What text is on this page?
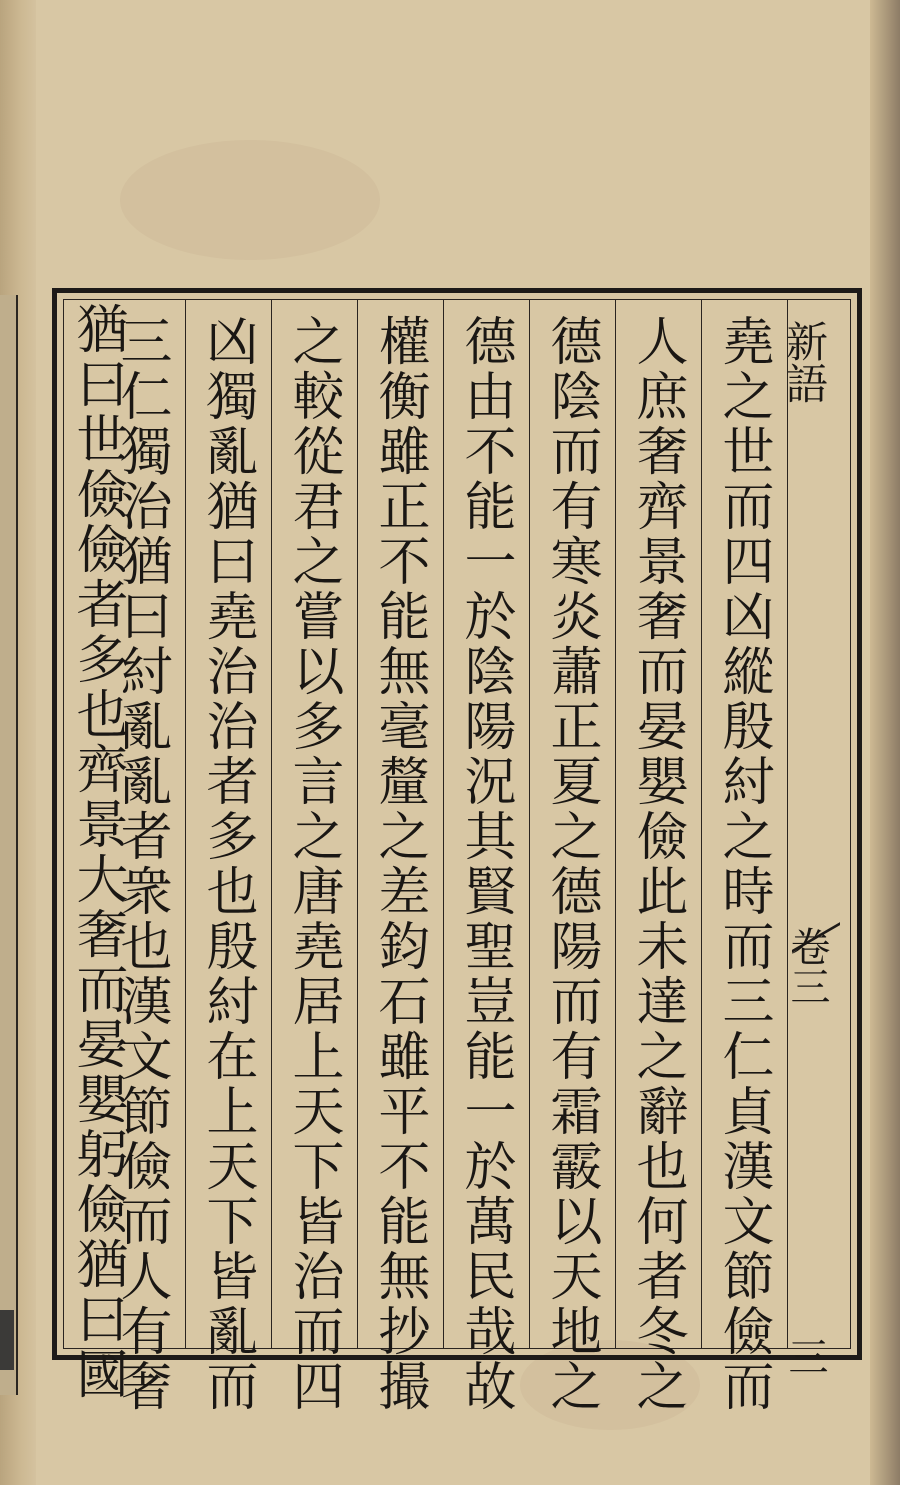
新語
卷三
三
堯之世而四凶縱殷紂之時而三仁貞漢文節儉而
人庶奢齊景奢而晏嬰儉此未達之辭也何者冬之
德陰而有寒炎蕭正夏之德陽而有霜霰以天地之
德由不能一於陰陽況其賢聖豈能一於萬民哉故
權衡雖正不能無毫釐之差鈞石雖平不能無抄撮
之較從君之嘗以多言之唐堯居上天下皆治而四
凶獨亂猶曰堯治治者多也殷紂在上天下皆亂而
三仁獨治猶曰紂亂亂者衆也漢文節儉而人有奢
猶曰世儉儉者多也齊景大奢而晏嬰躬儉猶曰國
